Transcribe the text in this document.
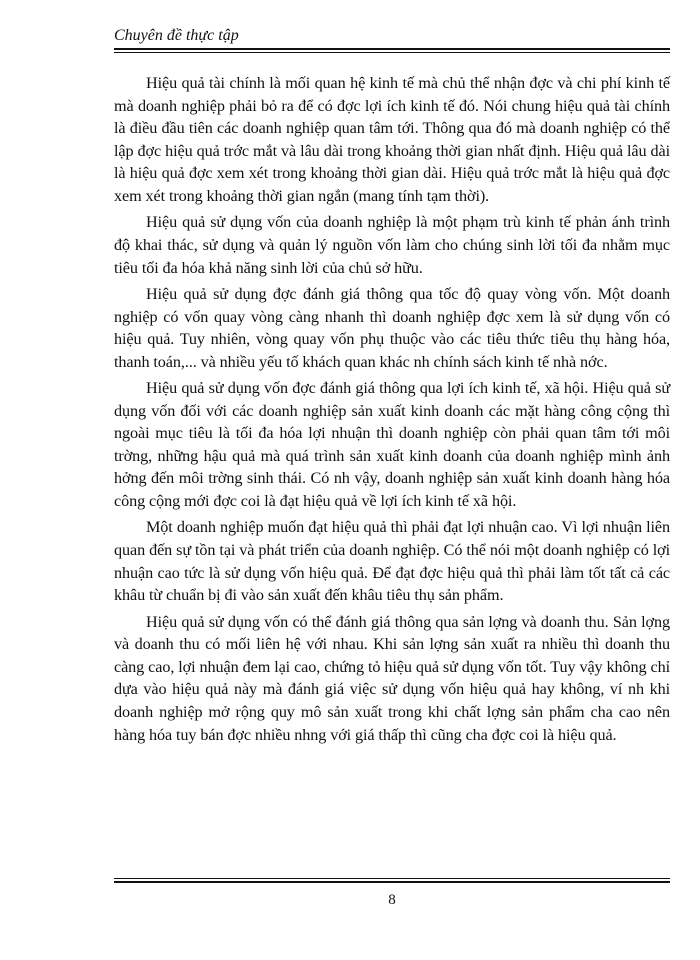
Chuyên đề thực tập

Hiệu quả tài chính là mối quan hệ kinh tế mà chủ thể nhận đợc và chi phí kinh tế mà doanh nghiệp phải bỏ ra để có đợc lợi ích kinh tế đó. Nói chung hiệu quả tài chính là điều đầu tiên các doanh nghiệp quan tâm tới. Thông qua đó mà doanh nghiệp có thể lập đợc hiệu quả trớc mắt và lâu dài trong khoảng thời gian nhất định. Hiệu quả lâu dài là hiệu quả đợc xem xét trong khoảng thời gian dài. Hiệu quả trớc mắt là hiệu quả đợc xem xét trong khoảng thời gian ngắn (mang tính tạm thời).

Hiệu quả sử dụng vốn của doanh nghiệp là một phạm trù kinh tế phản ánh trình độ khai thác, sử dụng và quản lý nguồn vốn làm cho chúng sinh lời tối đa nhằm mục tiêu tối đa hóa khả năng sinh lời của chủ sở hữu.

Hiệu quả sử dụng đợc đánh giá thông qua tốc độ quay vòng vốn. Một doanh nghiệp có vốn quay vòng càng nhanh thì doanh nghiệp đợc xem là sử dụng vốn có hiệu quả. Tuy nhiên, vòng quay vốn phụ thuộc vào các tiêu thức tiêu thụ hàng hóa, thanh toán,... và nhiều yếu tố khách quan khác nh chính sách kinh tế nhà nớc.

Hiệu quả sử dụng vốn đợc đánh giá thông qua lợi ích kinh tế, xã hội. Hiệu quả sử dụng vốn đối với các doanh nghiệp sản xuất kinh doanh các mặt hàng công cộng thì ngoài mục tiêu là tối đa hóa lợi nhuận thì doanh nghiệp còn phải quan tâm tới môi trờng, những hậu quả mà quá trình sản xuất kinh doanh của doanh nghiệp mình ảnh hởng đến môi trờng sinh thái. Có nh vậy, doanh nghiệp sản xuất kinh doanh hàng hóa công cộng mới đợc coi là đạt hiệu quả về lợi ích kinh tế xã hội.

Một doanh nghiệp muốn đạt hiệu quả thì phải đạt lợi nhuận cao. Vì lợi nhuận liên quan đến sự tồn tại và phát triển của doanh nghiệp. Có thể nói một doanh nghiệp có lợi nhuận cao tức là sử dụng vốn hiệu quả. Để đạt đợc hiệu quả thì phải làm tốt tất cả các khâu từ chuẩn bị đi vào sản xuất đến khâu tiêu thụ sản phẩm.

Hiệu quả sử dụng vốn có thể đánh giá thông qua sản lợng và doanh thu. Sản lợng và doanh thu có mối liên hệ với nhau. Khi sản lợng sản xuất ra nhiều thì doanh thu càng cao, lợi nhuận đem lại cao, chứng tỏ hiệu quả sử dụng vốn tốt. Tuy vậy không chỉ dựa vào hiệu quả này mà đánh giá việc sử dụng vốn hiệu quả hay không, ví nh khi doanh nghiệp mở rộng quy mô sản xuất trong khi chất lợng sản phẩm cha cao nên hàng hóa tuy bán đợc nhiều nhng với giá thấp thì cũng cha đợc coi là hiệu quả.

8
